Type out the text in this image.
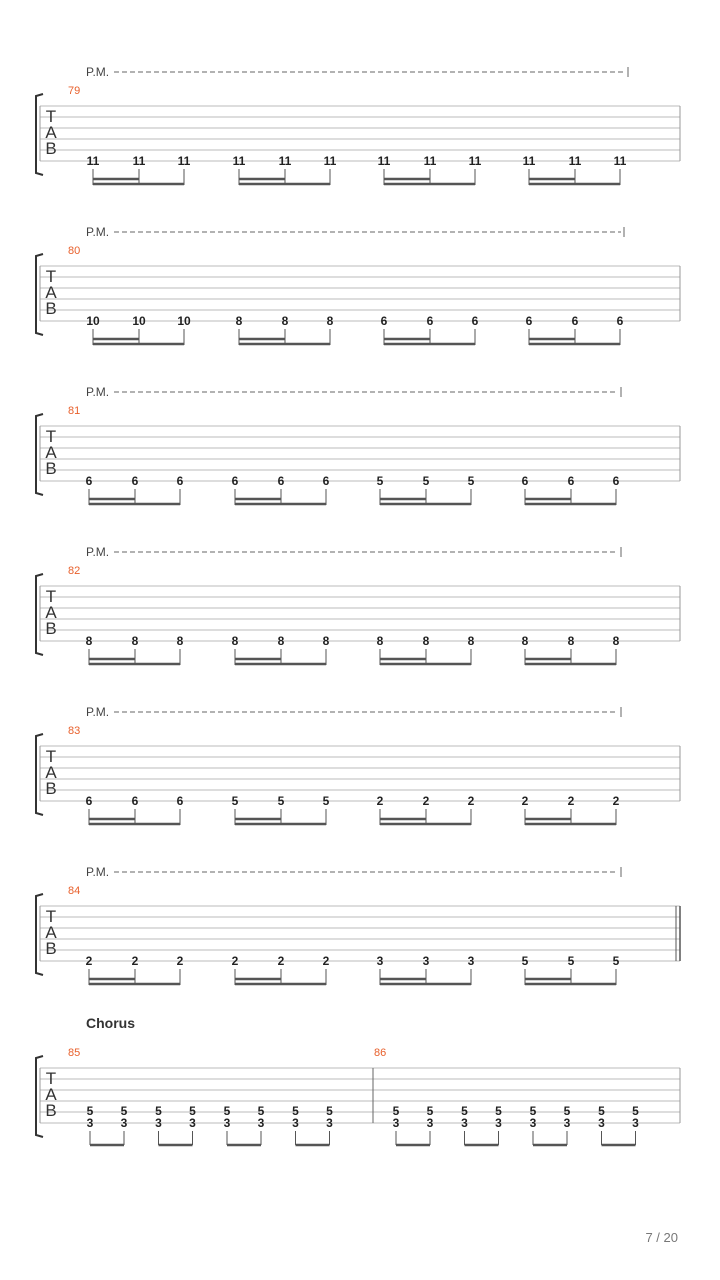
T
A
B
P.M.
79
11	11	11	11	11	11	11	11	11	11	11	11
T
A
B
P.M.
80
10	10	10	8	8	8	6	6	6	6	6	6
T
A
B
P.M.
81
6	6	6	6	6	6	5	5	5	6	6	6
T
A
B
P.M.
82
8	8	8	8	8	8	8	8	8	8	8	8
T
A
B
P.M.
83
6	6	6	5	5	5	2	2	2	2	2	2
T
A
B
P.M.
84
2	2	2	2	2	2	3	3	3	5	5	5
T
A
B
85
5
3
5
3
5
3
5
3
5
3
5
3
5
3
5
3
86
5
3
5
3
5
3
5
3
5
3
5
3
5
3
5
3
Chorus
7 / 20
